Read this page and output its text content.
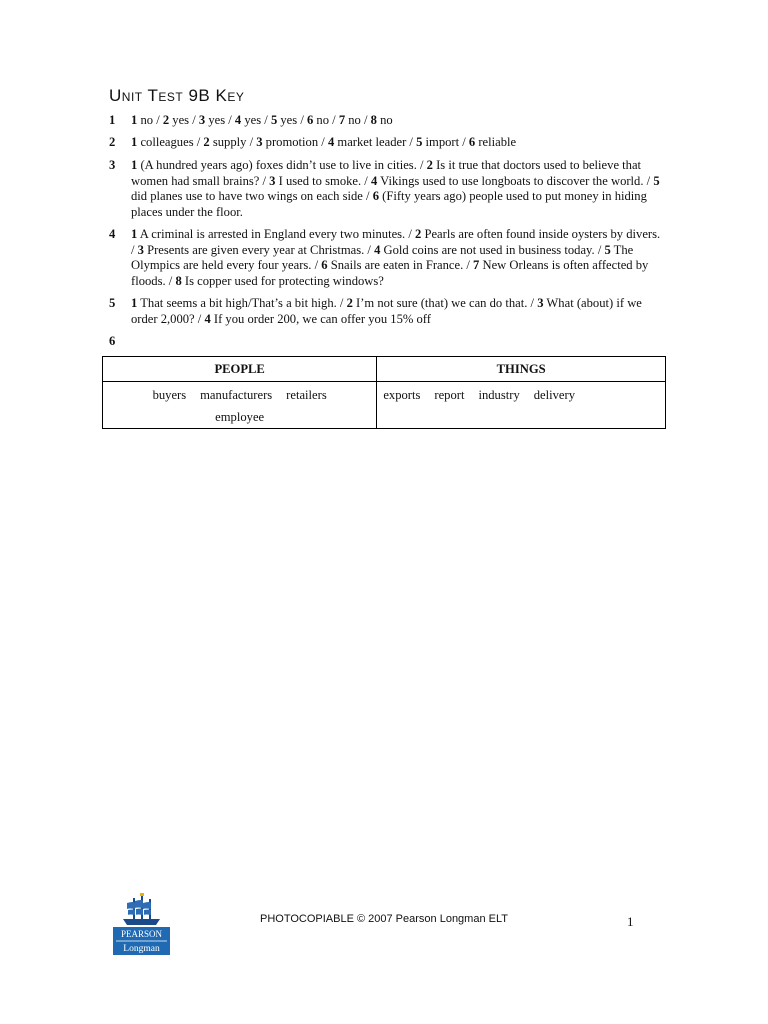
Unit Test 9B Key
1 1 no / 2 yes / 3 yes / 4 yes / 5 yes / 6 no / 7 no / 8 no
2 1 colleagues / 2 supply / 3 promotion / 4 market leader / 5 import / 6 reliable
3 1 (A hundred years ago) foxes didn’t use to live in cities. / 2 Is it true that doctors used to believe that women had small brains? / 3 I used to smoke. / 4 Vikings used to use longboats to discover the world. / 5 did planes use to have two wings on each side / 6 (Fifty years ago) people used to put money in hiding places under the floor.
4 1 A criminal is arrested in England every two minutes. / 2 Pearls are often found inside oysters by divers. / 3 Presents are given every year at Christmas. / 4 Gold coins are not used in business today. / 5 The Olympics are held every four years. / 6 Snails are eaten in France. / 7 New Orleans is often affected by floods. / 8 Is copper used for protecting windows?
5 1 That seems a bit high/That’s a bit high. / 2 I’m not sure (that) we can do that. / 3 What (about) if we order 2,000? / 4 If you order 200, we can offer you 15% off
6
PEOPLE	THINGS
buyers manufacturers retailers
employee	exports report industry delivery
PEARSON
Longman
PHOTOCOPIABLE © 2007 Pearson Longman ELT	1
